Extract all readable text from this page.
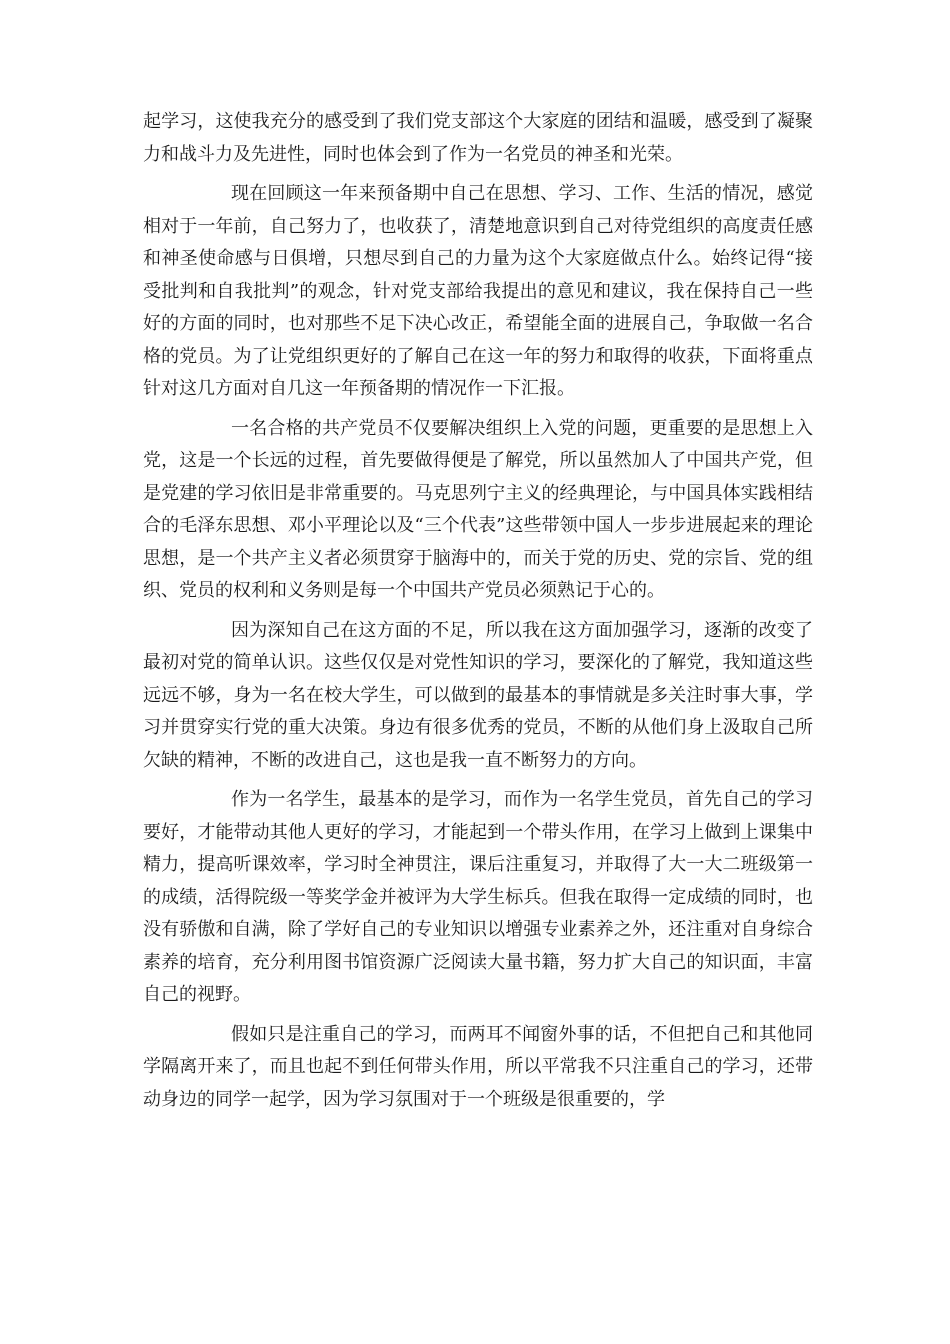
起学习，这使我充分的感受到了我们党支部这个大家庭的团结和温暖，感受到了凝聚力和战斗力及先进性，同时也体会到了作为一名党员的神圣和光荣。

现在回顾这一年来预备期中自己在思想、学习、工作、生活的情况，感觉相对于一年前，自己努力了，也收获了，清楚地意识到自己对待党组织的高度责任感和神圣使命感与日俱增，只想尽到自己的力量为这个大家庭做点什么。始终记得“接受批判和自我批判”的观念，针对党支部给我提出的意见和建议，我在保持自己一些好的方面的同时，也对那些不足下决心改正，希望能全面的进展自己，争取做一名合格的党员。为了让党组织更好的了解自己在这一年的努力和取得的收获，下面将重点针对这几方面对自几这一年预备期的情况作一下汇报。

一名合格的共产党员不仅要解决组织上入党的问题，更重要的是思想上入党，这是一个长远的过程，首先要做得便是了解党，所以虽然加人了中国共产党，但是党建的学习依旧是非常重要的。马克思列宁主义的经典理论，与中国具体实践相结合的毛泽东思想、邓小平理论以及“三个代表”这些带领中国人一步步进展起来的理论思想，是一个共产主义者必须贯穿于脑海中的，而关于党的历史、党的宗旨、党的组织、党员的权利和义务则是每一个中国共产党员必须熟记于心的。

因为深知自己在这方面的不足，所以我在这方面加强学习，逐渐的改变了最初对党的简单认识。这些仅仅是对党性知识的学习，要深化的了解党，我知道这些远远不够，身为一名在校大学生，可以做到的最基本的事情就是多关注时事大事，学习并贯穿实行党的重大决策。身边有很多优秀的党员，不断的从他们身上汲取自己所欠缺的精神，不断的改进自己，这也是我一直不断努力的方向。

作为一名学生，最基本的是学习，而作为一名学生党员，首先自己的学习要好，才能带动其他人更好的学习，才能起到一个带头作用，在学习上做到上课集中精力，提高听课效率，学习时全神贯注，课后注重复习，并取得了大一大二班级第一的成绩，活得院级一等奖学金并被评为大学生标兵。但我在取得一定成绩的同时，也没有骄傲和自满，除了学好自己的专业知识以增强专业素养之外，还注重对自身综合素养的培育，充分利用图书馆资源广泛阅读大量书籍，努力扩大自己的知识面，丰富自己的视野。

假如只是注重自己的学习，而两耳不闻窗外事的话，不但把自己和其他同学隔离开来了，而且也起不到任何带头作用，所以平常我不只注重自己的学习，还带动身边的同学一起学，因为学习氛围对于一个班级是很重要的，学
